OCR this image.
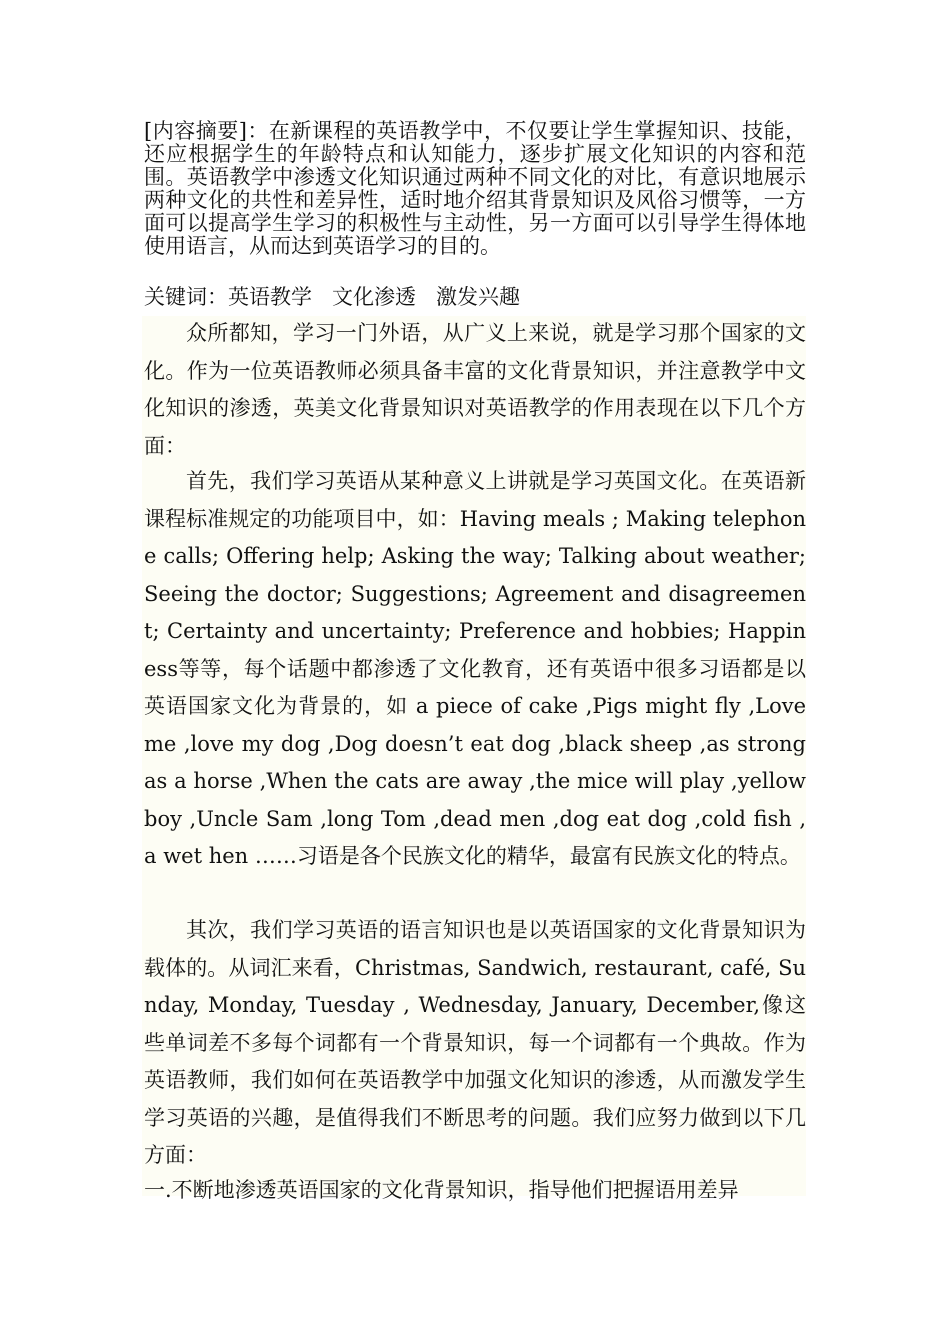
[内容摘要]：在新课程的英语教学中，不仅要让学生掌握知识、技能，还应根据学生的年龄特点和认知能力，逐步扩展文化知识的内容和范围。英语教学中渗透文化知识通过两种不同文化的对比，有意识地展示两种文化的共性和差异性，适时地介绍其背景知识及风俗习惯等，一方面可以提高学生学习的积极性与主动性，另一方面可以引导学生得体地使用语言，从而达到英语学习的目的。

关键词：英语教学   文化渗透   激发兴趣

众所都知，学习一门外语，从广义上来说，就是学习那个国家的文化。作为一位英语教师必须具备丰富的文化背景知识，并注意教学中文化知识的渗透，英美文化背景知识对英语教学的作用表现在以下几个方面：

首先，我们学习英语从某种意义上讲就是学习英国文化。在英语新课程标准规定的功能项目中，如：Having meals ; Making telephone calls; Offering help; Asking the way; Talking about weather; Seeing the doctor; Suggestions; Agreement and disagreement; Certainty and uncertainty; Preference and hobbies; Happiness等等，每个话题中都渗透了文化教育，还有英语中很多习语都是以英语国家文化为背景的，如 a piece of cake ,Pigs might fly ,Love me ,love my dog ,Dog doesn’t eat dog ,black sheep ,as strong as a horse ,When the cats are away ,the mice will play ,yellow boy ,Uncle Sam ,long Tom ,dead men ,dog eat dog ,cold fish , a wet hen ……习语是各个民族文化的精华，最富有民族文化的特点。

其次，我们学习英语的语言知识也是以英语国家的文化背景知识为载体的。从词汇来看，Christmas, Sandwich, restaurant, café, Sunday, Monday, Tuesday , Wednesday, January, December,像这些单词差不多每个词都有一个背景知识，每一个词都有一个典故。作为英语教师，我们如何在英语教学中加强文化知识的渗透，从而激发学生学习英语的兴趣，是值得我们不断思考的问题。我们应努力做到以下几方面：

一.不断地渗透英语国家的文化背景知识，指导他们把握语用差异
